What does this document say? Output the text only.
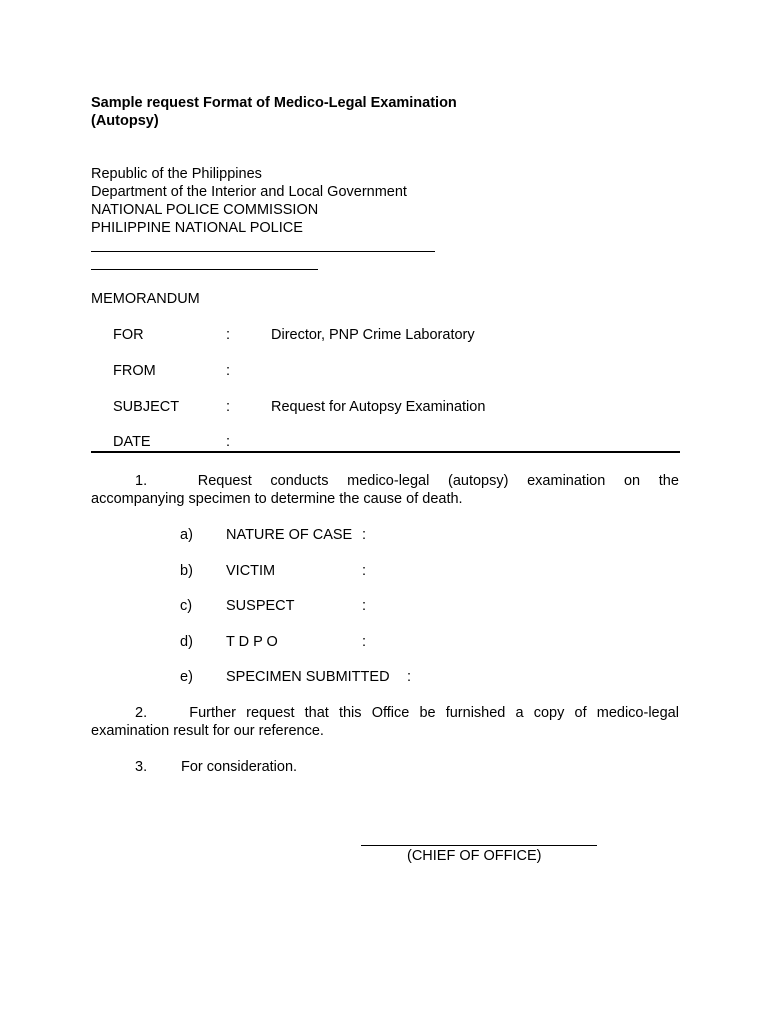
Sample request Format of Medico-Legal Examination
(Autopsy)
Republic of the Philippines
Department of the Interior and Local Government
NATIONAL POLICE COMMISSION
PHILIPPINE NATIONAL POLICE
MEMORANDUM
FOR	:	Director, PNP Crime Laboratory
FROM	:
SUBJECT	:	Request for Autopsy Examination
DATE	:
1.	Request conducts medico-legal (autopsy) examination on the
accompanying specimen to determine the cause of death.
a) NATURE OF CASE :
b) VICTIM	:
c) SUSPECT	:
d) T D P O	:
e) SPECIMEN SUBMITTED :
2.	Further request that this Office be furnished a copy of medico-legal
examination result for our reference.
3. For consideration.
(CHIEF OF OFFICE)
